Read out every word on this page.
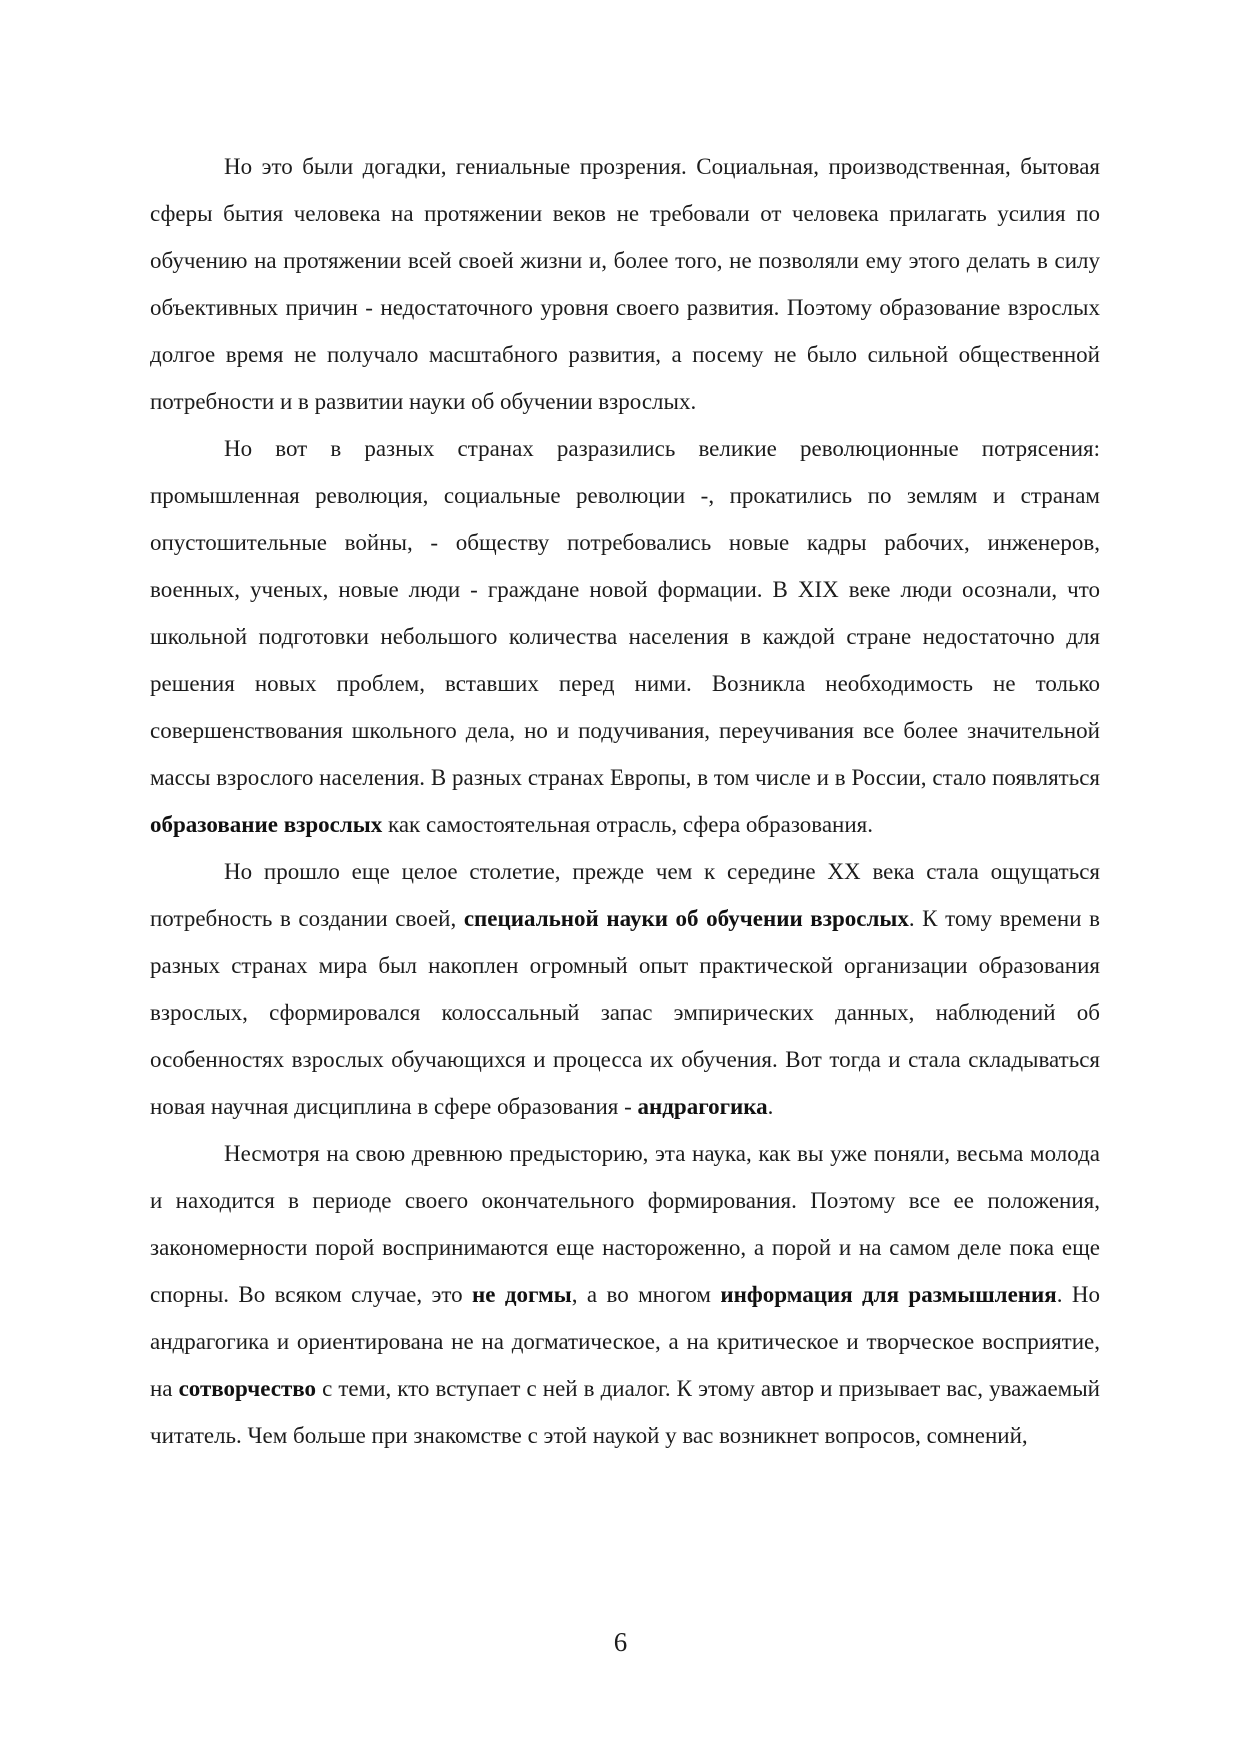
Но это были догадки, гениальные прозрения. Социальная, производственная, бытовая сферы бытия человека на протяжении веков не требовали от человека прилагать усилия по обучению на протяжении всей своей жизни и, более того, не позволяли ему этого делать в силу объективных причин - недостаточного уровня своего развития. Поэтому образование взрослых долгое время не получало масштабного развития, а посему не было сильной общественной потребности и в развитии науки об обучении взрослых.

Но вот в разных странах разразились великие революционные потрясения: промышленная революция, социальные революции -, прокатились по землям и странам опустошительные войны, - обществу потребовались новые кадры рабочих, инженеров, военных, ученых, новые люди - граждане новой формации. В XIX веке люди осознали, что школьной подготовки небольшого количества населения в каждой стране недостаточно для решения новых проблем, вставших перед ними. Возникла необходимость не только совершенствования школьного дела, но и подучивания, переучивания все более значительной массы взрослого населения. В разных странах Европы, в том числе и в России, стало появляться образование взрослых как самостоятельная отрасль, сфера образования.

Но прошло еще целое столетие, прежде чем к середине XX века стала ощущаться потребность в создании своей, специальной науки об обучении взрослых. К тому времени в разных странах мира был накоплен огромный опыт практической организации образования взрослых, сформировался колоссальный запас эмпирических данных, наблюдений об особенностях взрослых обучающихся и процесса их обучения. Вот тогда и стала складываться новая научная дисциплина в сфере образования - андрагогика.

Несмотря на свою древнюю предысторию, эта наука, как вы уже поняли, весьма молода и находится в периоде своего окончательного формирования. Поэтому все ее положения, закономерности порой воспринимаются еще настороженно, а порой и на самом деле пока еще спорны. Во всяком случае, это не догмы, а во многом информация для размышления. Но андрагогика и ориентирована не на догматическое, а на критическое и творческое восприятие, на сотворчество с теми, кто вступает с ней в диалог. К этому автор и призывает вас, уважаемый читатель. Чем больше при знакомстве с этой наукой у вас возникнет вопросов, сомнений,

6
